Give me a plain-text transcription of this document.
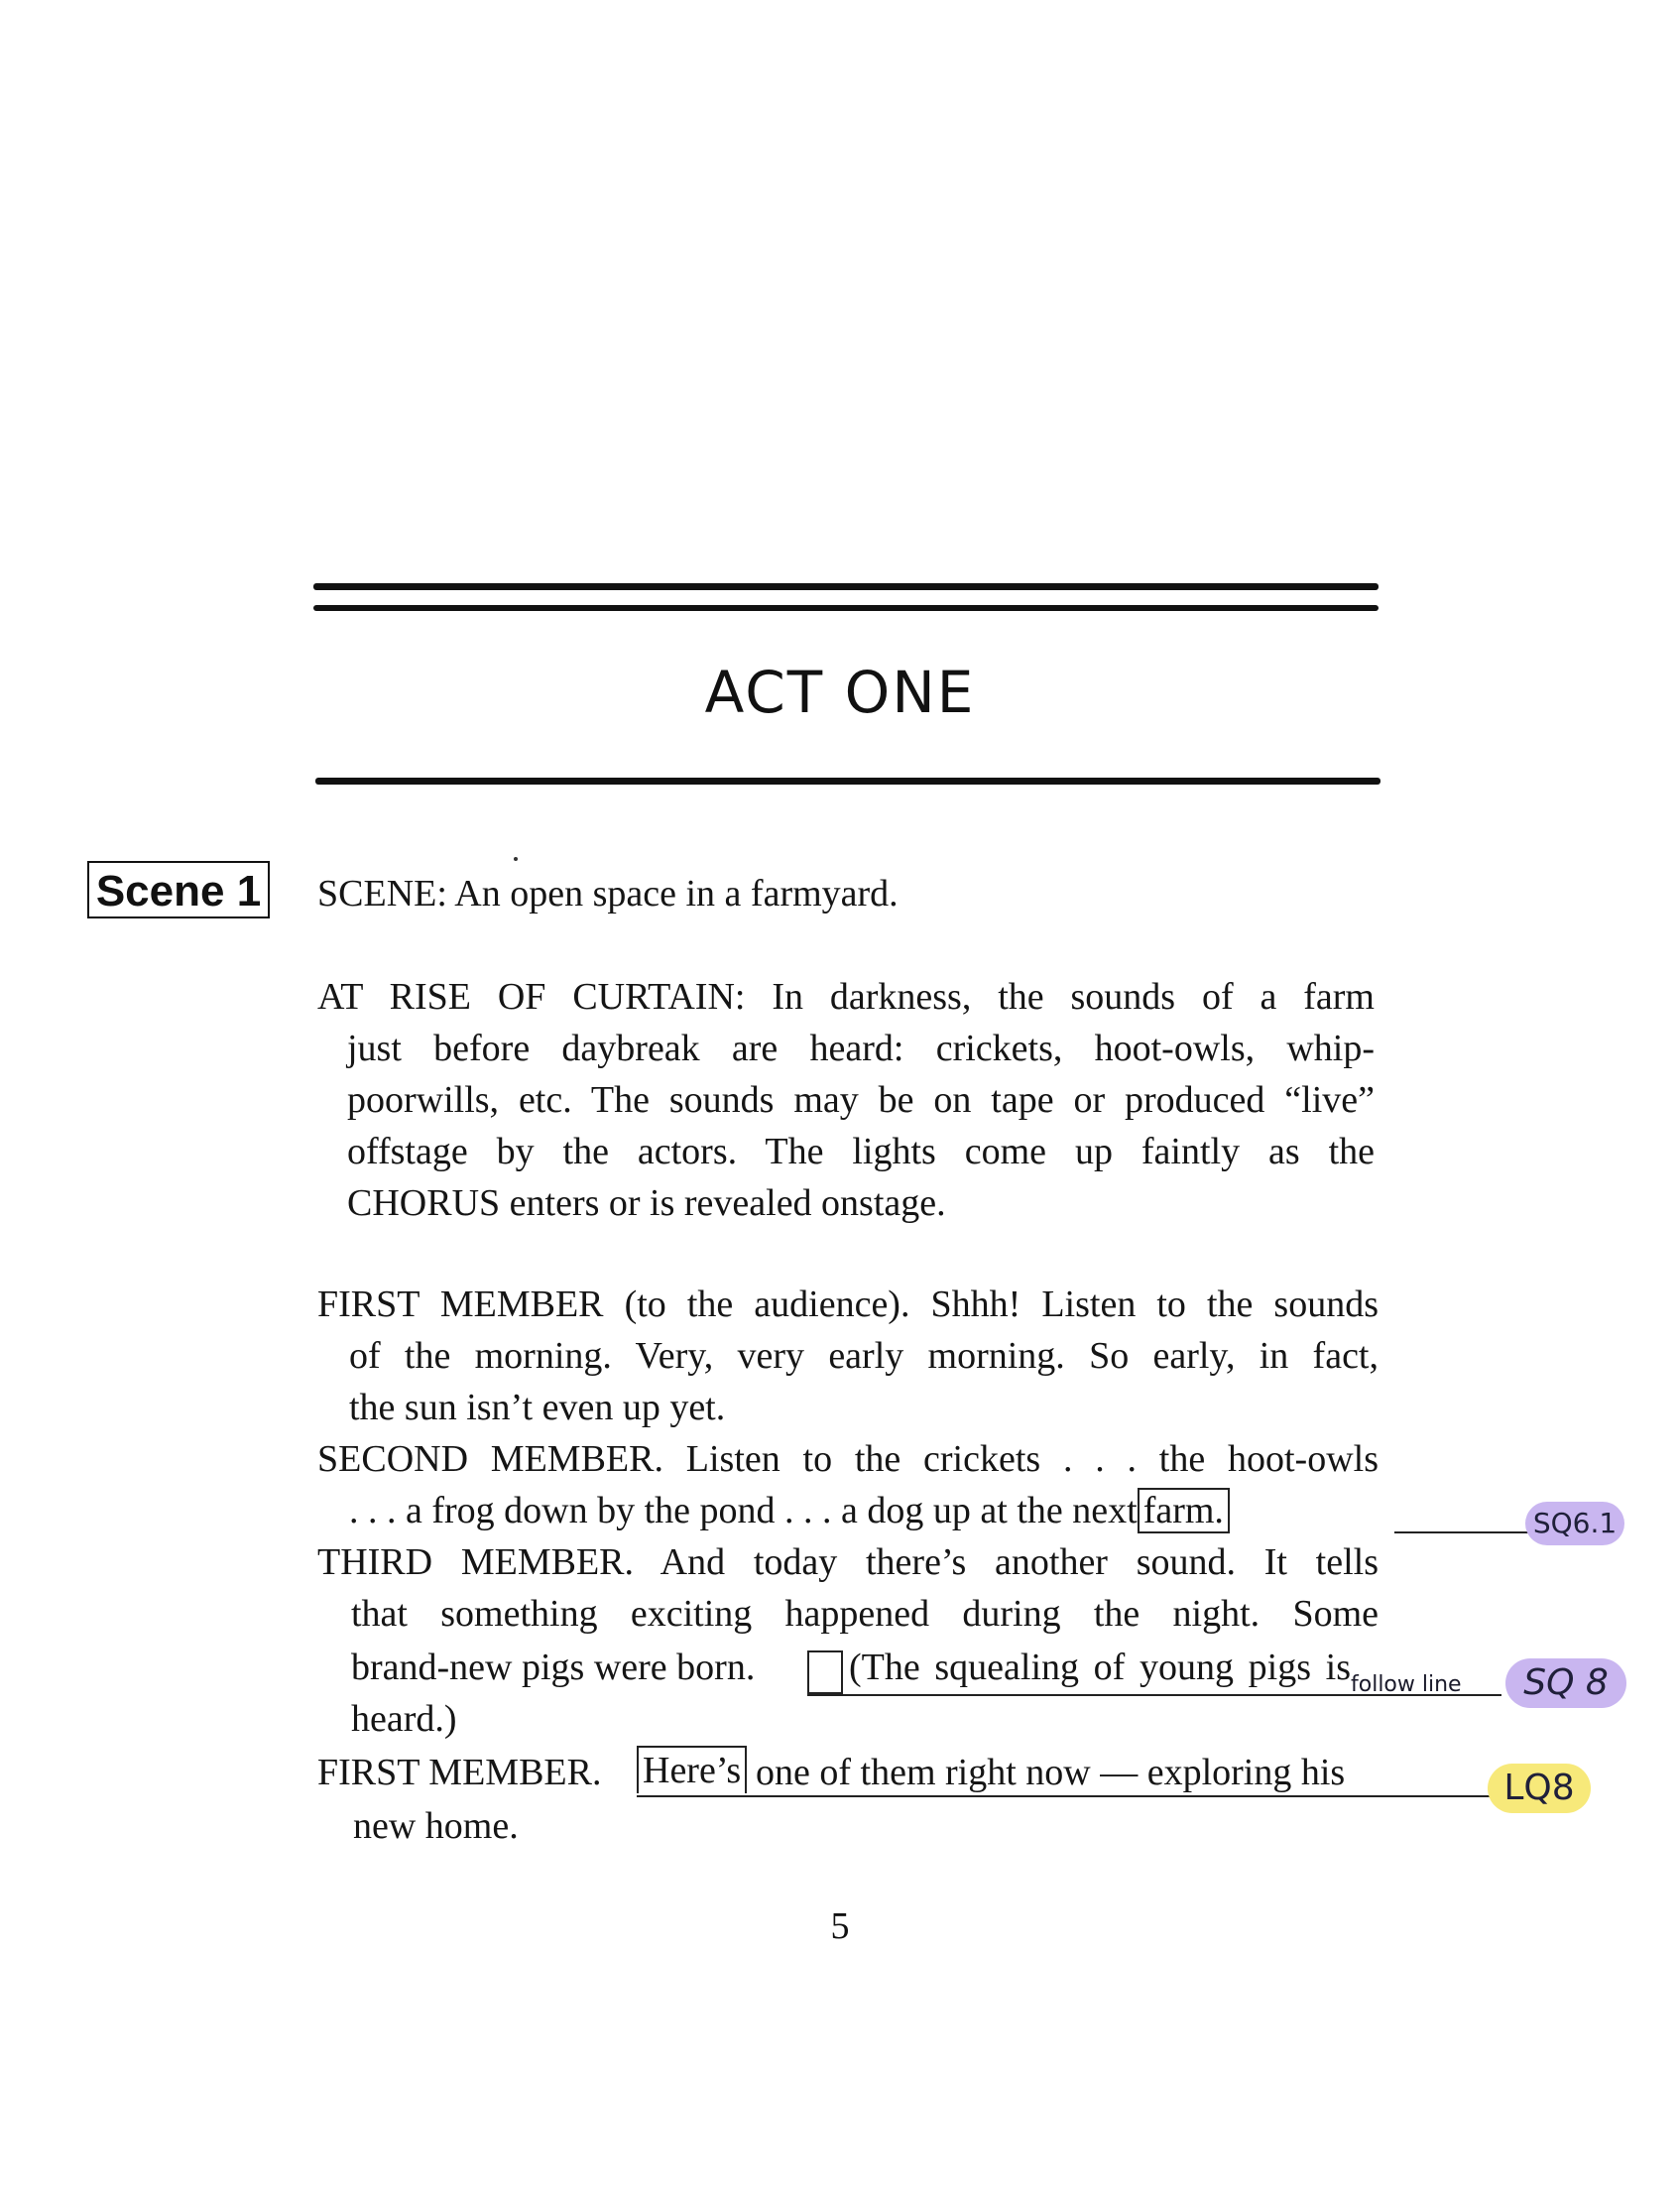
ACT ONE
Scene 1 SCENE: An open space in a farmyard.
AT RISE OF CURTAIN: In darkness, the sounds of a farm
just before daybreak are heard: crickets, hoot-owls, whip-
poorwills, etc. The sounds may be on tape or produced “live”
offstage by the actors. The lights come up faintly as the
CHORUS enters or is revealed onstage.
FIRST MEMBER (to the audience). Shhh! Listen to the sounds
of the morning. Very, very early morning. So early, in fact,
the sun isn’t even up yet.
SECOND MEMBER. Listen to the crickets . . . the hoot-owls
. . . a frog down by the pond . . . a dog up at the next farm.
THIRD MEMBER. And today there’s another sound. It tells
that something exciting happened during the night. Some
brand-new pigs were born. (The squealing of young pigs is
heard.)
FIRST MEMBER. Here’s one of them right now — exploring his
new home.
SQ6.1
follow line	SQ 8
LQ8
5
